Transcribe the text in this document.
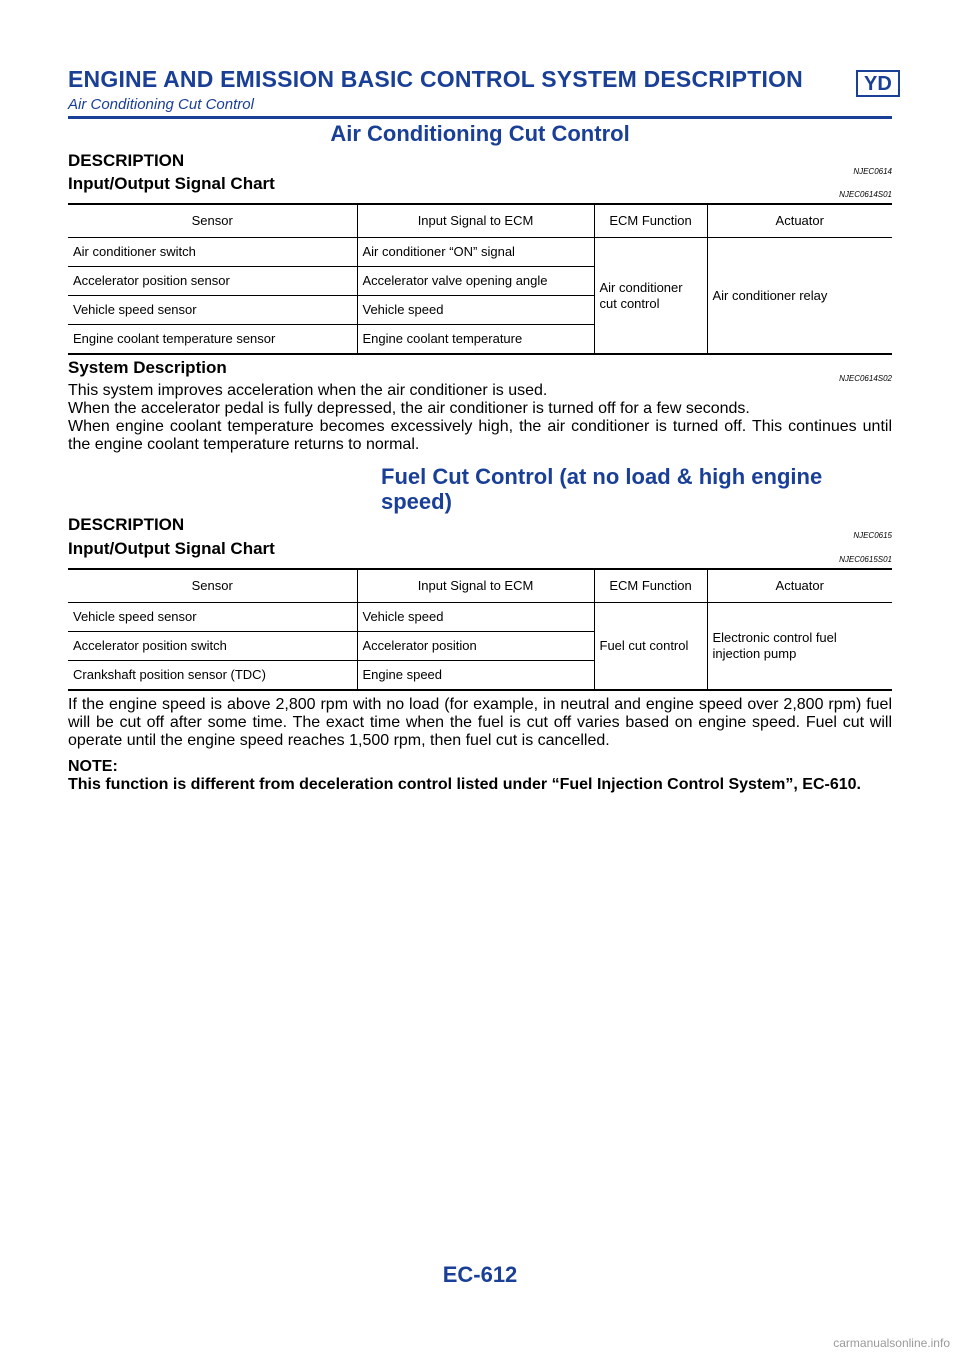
ENGINE AND EMISSION BASIC CONTROL SYSTEM DESCRIPTION	YD
Air Conditioning Cut Control
Air Conditioning Cut Control
DESCRIPTION
NJEC0614
Input/Output Signal Chart
NJEC0614S01
Sensor	Input Signal to ECM	ECM Function	Actuator
Air conditioner switch	Air conditioner “ON” signal	Air conditioner cut control	Air conditioner relay
Accelerator position sensor	Accelerator valve opening angle		
Vehicle speed sensor	Vehicle speed		
Engine coolant temperature sensor	Engine coolant temperature		
System Description
NJEC0614S02

This system improves acceleration when the air conditioner is used.

When the accelerator pedal is fully depressed, the air conditioner is turned off for a few seconds.

When engine coolant temperature becomes excessively high, the air conditioner is turned off. This continues until the engine coolant temperature returns to normal.

Fuel Cut Control (at no load & high engine speed)
DESCRIPTION
NJEC0615
Input/Output Signal Chart
NJEC0615S01
Sensor	Input Signal to ECM	ECM Function	Actuator
Vehicle speed sensor	Vehicle speed	Fuel cut control	Electronic control fuel injection pump
Accelerator position switch	Accelerator position		
Crankshaft position sensor (TDC)	Engine speed		

If the engine speed is above 2,800 rpm with no load (for example, in neutral and engine speed over 2,800 rpm) fuel will be cut off after some time. The exact time when the fuel is cut off varies based on engine speed. Fuel cut will operate until the engine speed reaches 1,500 rpm, then fuel cut is cancelled.

NOTE:
This function is different from deceleration control listed under “Fuel Injection Control System”, EC-610.
EC-612
carmanualsonline.info
